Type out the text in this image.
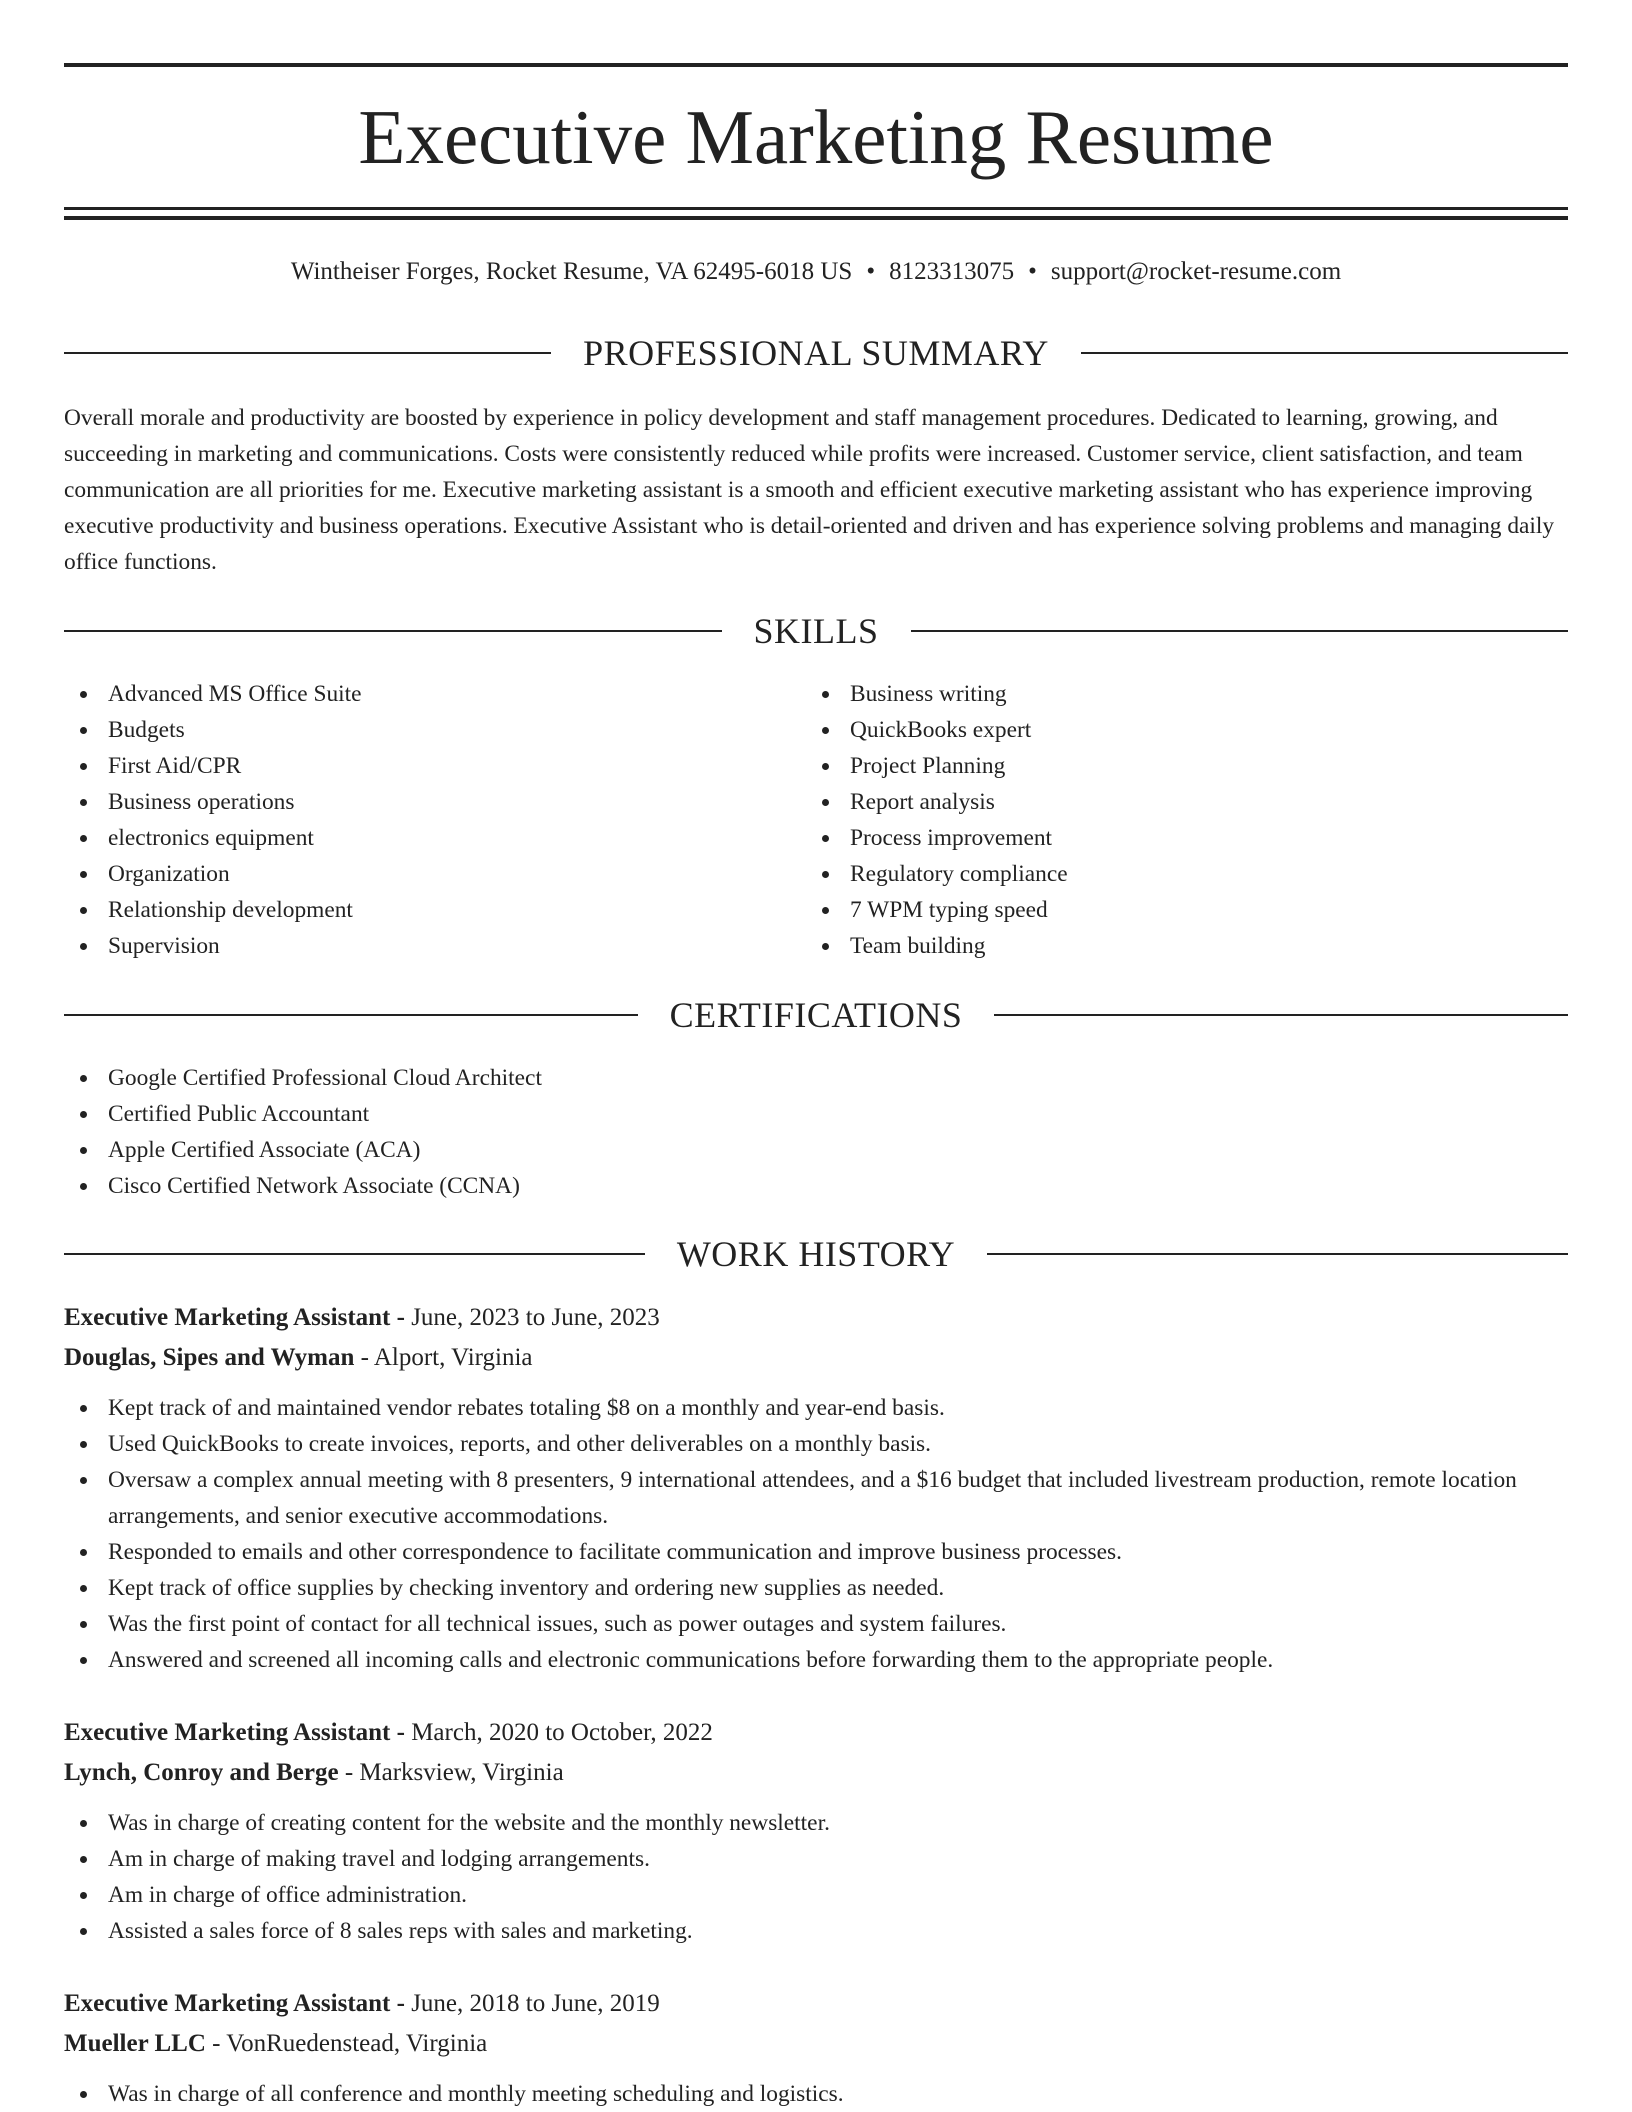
Executive Marketing Resume
Wintheiser Forges, Rocket Resume, VA 62495-6018 US • 8123313075 • support@rocket-resume.com
PROFESSIONAL SUMMARY

Overall morale and productivity are boosted by experience in policy development and staff management procedures. Dedicated to learning, growing, and succeeding in marketing and communications. Costs were consistently reduced while profits were increased. Customer service, client satisfaction, and team communication are all priorities for me. Executive marketing assistant is a smooth and efficient executive marketing assistant who has experience improving executive productivity and business operations. Executive Assistant who is detail-oriented and driven and has experience solving problems and managing daily office functions.

SKILLS
Advanced MS Office Suite
Budgets
First Aid/CPR
Business operations
electronics equipment
Organization
Relationship development
Supervision
Business writing
QuickBooks expert
Project Planning
Report analysis
Process improvement
Regulatory compliance
7 WPM typing speed
Team building
CERTIFICATIONS
Google Certified Professional Cloud Architect
Certified Public Accountant
Apple Certified Associate (ACA)
Cisco Certified Network Associate (CCNA)
WORK HISTORY
Executive Marketing Assistant - June, 2023 to June, 2023
Douglas, Sipes and Wyman - Alport, Virginia
Kept track of and maintained vendor rebates totaling $8 on a monthly and year-end basis.
Used QuickBooks to create invoices, reports, and other deliverables on a monthly basis.
Oversaw a complex annual meeting with 8 presenters, 9 international attendees, and a $16 budget that included livestream production, remote location arrangements, and senior executive accommodations.
Responded to emails and other correspondence to facilitate communication and improve business processes.
Kept track of office supplies by checking inventory and ordering new supplies as needed.
Was the first point of contact for all technical issues, such as power outages and system failures.
Answered and screened all incoming calls and electronic communications before forwarding them to the appropriate people.
Executive Marketing Assistant - March, 2020 to October, 2022
Lynch, Conroy and Berge - Marksview, Virginia
Was in charge of creating content for the website and the monthly newsletter.
Am in charge of making travel and lodging arrangements.
Am in charge of office administration.
Assisted a sales force of 8 sales reps with sales and marketing.
Executive Marketing Assistant - June, 2018 to June, 2019
Mueller LLC - VonRuedenstead, Virginia
Was in charge of all conference and monthly meeting scheduling and logistics.
